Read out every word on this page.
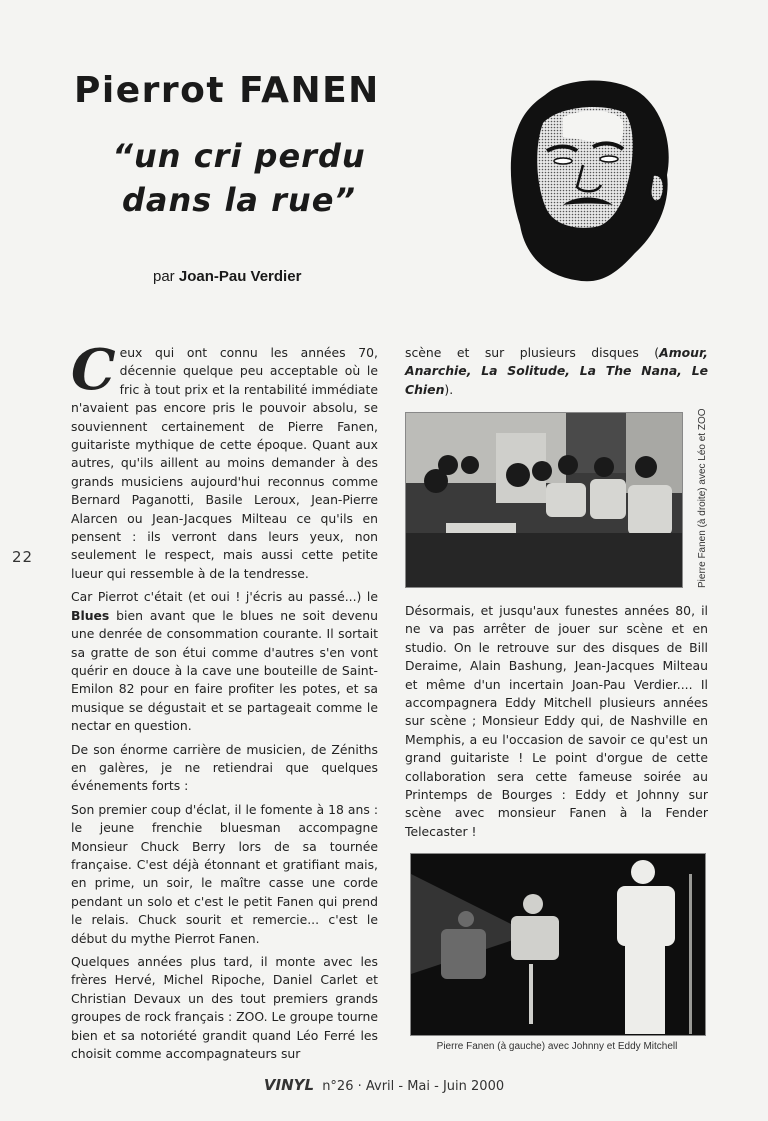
22
Pierrot FANEN
“un cri perdu
dans la rue”
par Joan-Pau Verdier

C eux qui ont connu les années 70, décennie quelque peu acceptable où le fric à tout prix et la rentabilité immédiate n'avaient pas encore pris le pouvoir absolu, se souviennent certainement de Pierre Fanen, guitariste mythique de cette époque. Quant aux autres, qu'ils aillent au moins demander à des grands musiciens aujourd'hui reconnus comme Bernard Paganotti, Basile Leroux, Jean-Pierre Alarcen ou Jean-Jacques Milteau ce qu'ils en pensent : ils verront dans leurs yeux, non seulement le respect, mais aussi cette petite lueur qui ressemble à de la tendresse.

Car Pierrot c'était (et oui ! j'écris au passé...) le Blues bien avant que le blues ne soit devenu une denrée de consommation courante. Il sortait sa gratte de son étui comme d'autres s'en vont quérir en douce à la cave une bouteille de Saint-Emilon 82 pour en faire profiter les potes, et sa musique se dégustait et se partageait comme le nectar en question.

De son énorme carrière de musicien, de Zéniths en galères, je ne retiendrai que quelques événements forts :

Son premier coup d'éclat, il le fomente à 18 ans : le jeune frenchie bluesman accompagne Monsieur Chuck Berry lors de sa tournée française. C'est déjà étonnant et gratifiant mais, en prime, un soir, le maître casse une corde pendant un solo et c'est le petit Fanen qui prend le relais. Chuck sourit et remercie... c'est le début du mythe Pierrot Fanen.

Quelques années plus tard, il monte avec les frères Hervé, Michel Ripoche, Daniel Carlet et Christian Devaux un des tout premiers grands groupes de rock français : ZOO. Le groupe tourne bien et sa notoriété grandit quand Léo Ferré les choisit comme accompagnateurs sur

scène et sur plusieurs disques (Amour, Anarchie, La Solitude, La The Nana, Le Chien).

Pierre Fanen (à droite) avec Léo et ZOO

Désormais, et jusqu'aux funestes années 80, il ne va pas arrêter de jouer sur scène et en studio. On le retrouve sur des disques de Bill Deraime, Alain Bashung, Jean-Jacques Milteau et même d'un incertain Joan-Pau Verdier.... Il accompagnera Eddy Mitchell plusieurs années sur scène ; Monsieur Eddy qui, de Nashville en Memphis, a eu l'occasion de savoir ce qu'est un grand guitariste ! Le point d'orgue de cette collaboration sera cette fameuse soirée au Printemps de Bourges : Eddy et Johnny sur scène avec monsieur Fanen à la Fender Telecaster !

Pierre Fanen (à gauche) avec Johnny et Eddy Mitchell
VINYL n°26 · Avril - Mai - Juin 2000
